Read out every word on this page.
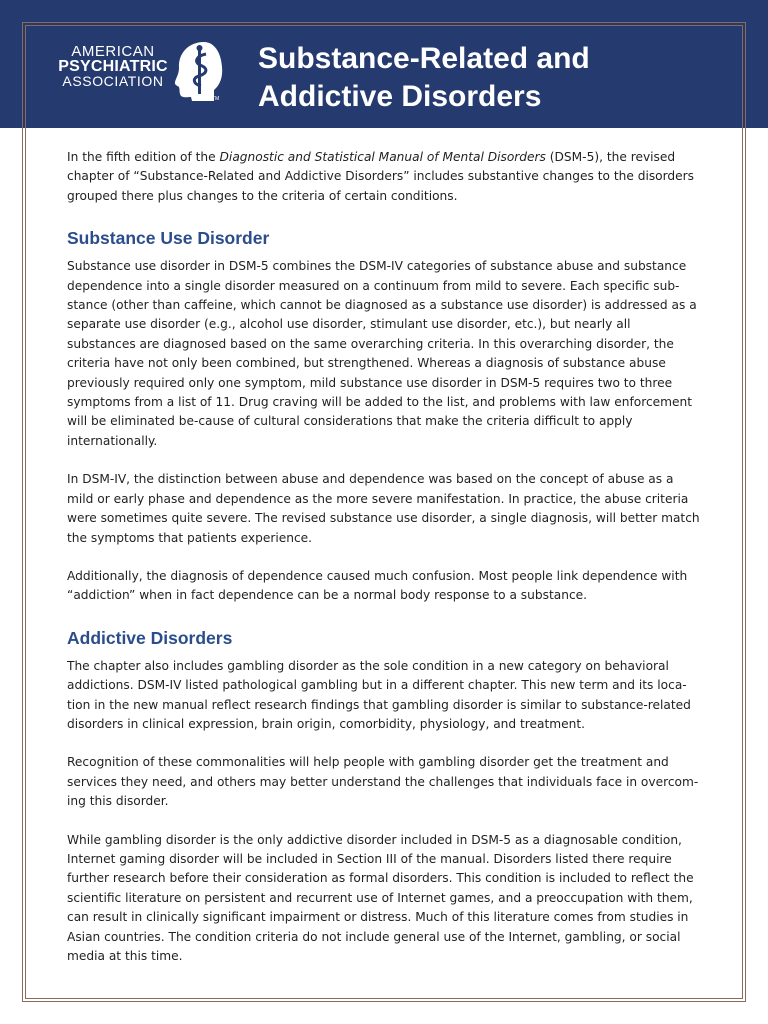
AMERICAN
PSYCHIATRIC
ASSOCIATION
TM
Substance-Related and
Addictive Disorders

In the fifth edition of the Diagnostic and Statistical Manual of Mental Disorders (DSM-5), the revised chapter of “Substance-Related and Addictive Disorders” includes substantive changes to the disorders grouped there plus changes to the criteria of certain conditions.

Substance Use Disorder

Substance use disorder in DSM-5 combines the DSM-IV categories of substance abuse and substance dependence into a single disorder measured on a continuum from mild to severe. Each specific sub-stance (other than caffeine, which cannot be diagnosed as a substance use disorder) is addressed as a separate use disorder (e.g., alcohol use disorder, stimulant use disorder, etc.), but nearly all substances are diagnosed based on the same overarching criteria. In this overarching disorder, the criteria have not only been combined, but strengthened. Whereas a diagnosis of substance abuse previously required only one symptom, mild substance use disorder in DSM-5 requires two to three symptoms from a list of 11. Drug craving will be added to the list, and problems with law enforcement will be eliminated be-cause of cultural considerations that make the criteria difficult to apply internationally.

In DSM-IV, the distinction between abuse and dependence was based on the concept of abuse as a mild or early phase and dependence as the more severe manifestation. In practice, the abuse criteria were sometimes quite severe. The revised substance use disorder, a single diagnosis, will better match the symptoms that patients experience.

Additionally, the diagnosis of dependence caused much confusion. Most people link dependence with “addiction” when in fact dependence can be a normal body response to a substance.

Addictive Disorders

The chapter also includes gambling disorder as the sole condition in a new category on behavioral addictions. DSM-IV listed pathological gambling but in a different chapter. This new term and its loca-tion in the new manual reflect research findings that gambling disorder is similar to substance-related disorders in clinical expression, brain origin, comorbidity, physiology, and treatment.

Recognition of these commonalities will help people with gambling disorder get the treatment and services they need, and others may better understand the challenges that individuals face in overcom-ing this disorder.

While gambling disorder is the only addictive disorder included in DSM-5 as a diagnosable condition, Internet gaming disorder will be included in Section III of the manual. Disorders listed there require further research before their consideration as formal disorders. This condition is included to reflect the scientific literature on persistent and recurrent use of Internet games, and a preoccupation with them, can result in clinically significant impairment or distress. Much of this literature comes from studies in Asian countries. The condition criteria do not include general use of the Internet, gambling, or social media at this time.
